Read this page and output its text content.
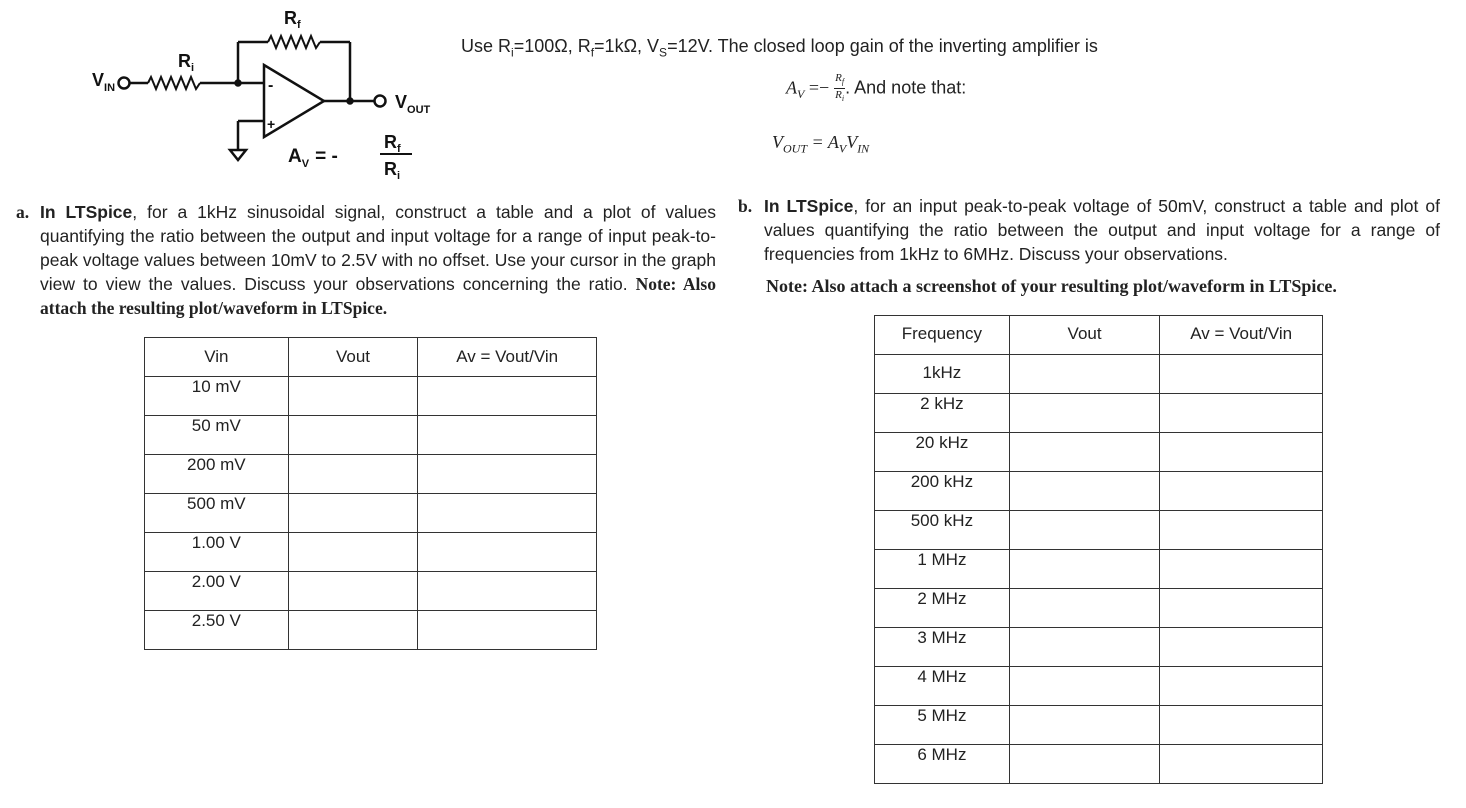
$R_f$
$R_i$
$V_{IN}$
$V_{OUT}$
-
+
$A_V$ = -
$R_f$
$R_i$
Use $R_i=100\Omega$, $R_f=1k\Omega$, $V_S=12V$. The closed loop gain of the inverting amplifier is
$A_V =- \frac{R_f}{R_i}$ . And note that:
$V_{OUT} = A_VV_{IN}$
a. In LTSpice, for a 1kHz sinusoidal signal, construct a table and a plot of values quantifying the ratio between the output and input voltage for a range of input peak-to-peak voltage values between 10mV to 2.5V with no offset. Use your cursor in the graph view to view the values. Discuss your observations concerning the ratio. Note: Also attach the resulting plot/waveform in LTSpice.
b. In LTSpice, for an input peak-to-peak voltage of 50mV, construct a table and plot of values quantifying the ratio between the output and input voltage for a range of frequencies from 1kHz to 6MHz. Discuss your observations.
Note: Also attach a screenshot of your resulting plot/waveform in LTSpice.
Vin	Vout	Av = Vout/Vin

10 mV		

50 mV		

200 mV		

500 mV		

1.00 V		

2.00 V		

2.50 V		

Frequency	Vout	Av = Vout/Vin

1kHz		

2 kHz		

20 kHz		

200 kHz		

500 kHz		

1 MHz		

2 MHz		

3 MHz		

4 MHz		

5 MHz		

6 MHz		
